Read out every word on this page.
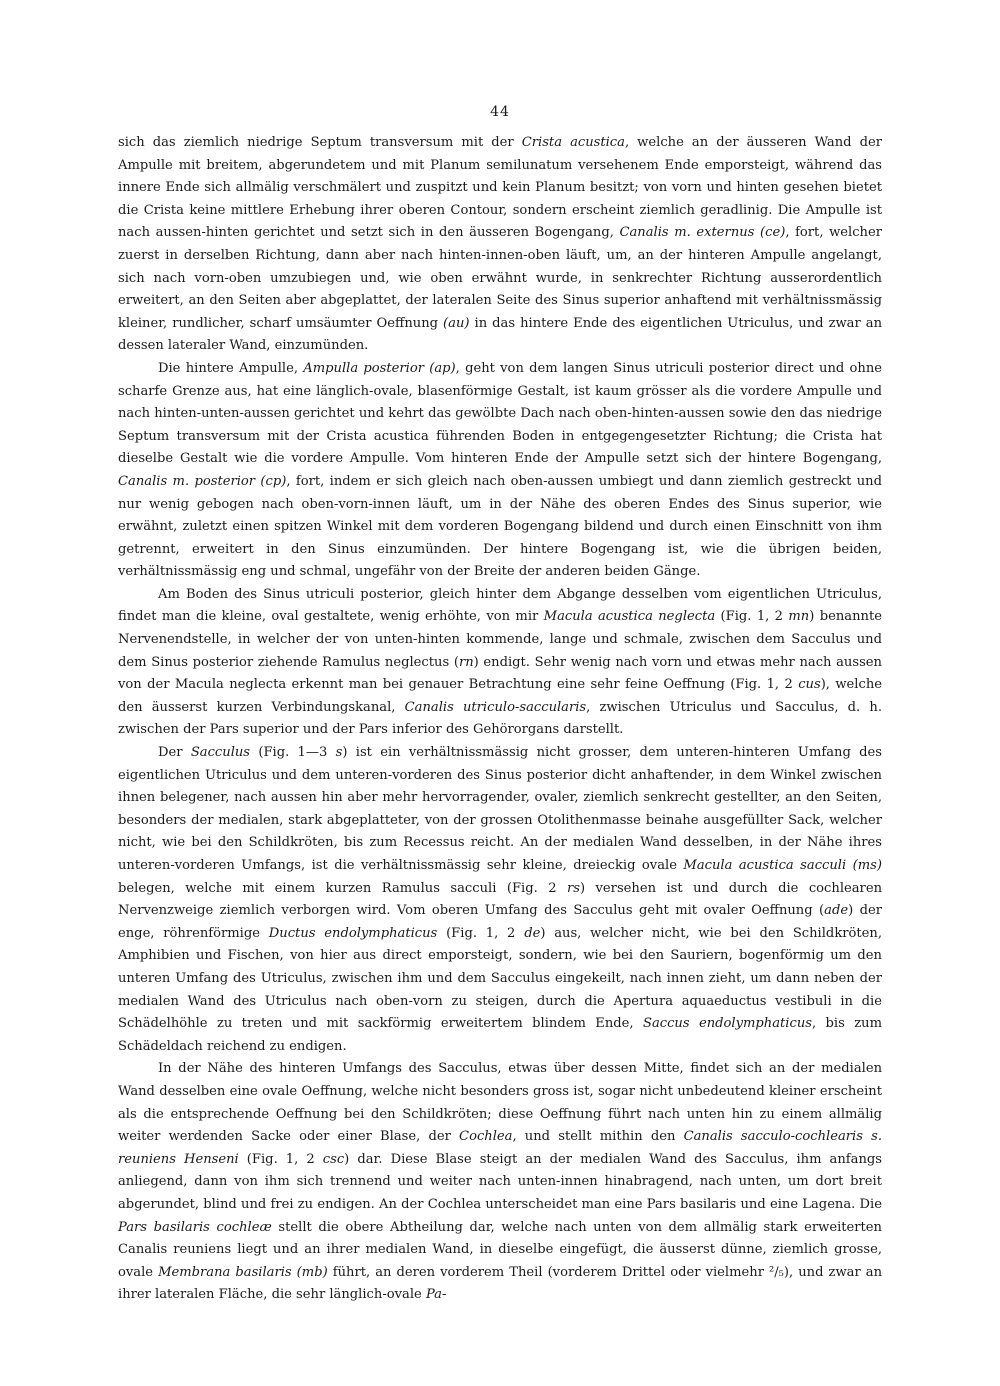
44

sich das ziemlich niedrige Septum transversum mit der Crista acustica, welche an der äusseren Wand der Ampulle mit breitem, abgerundetem und mit Planum semilunatum versehenem Ende emporsteigt, während das innere Ende sich allmälig verschmälert und zuspitzt und kein Planum besitzt; von vorn und hinten gesehen bietet die Crista keine mittlere Erhebung ihrer oberen Contour, sondern erscheint ziemlich geradlinig. Die Ampulle ist nach aussen-hinten gerichtet und setzt sich in den äusseren Bogengang, Canalis m. externus (ce), fort, welcher zuerst in derselben Richtung, dann aber nach hinten-innen-oben läuft, um, an der hinteren Ampulle angelangt, sich nach vorn-oben umzubiegen und, wie oben erwähnt wurde, in senkrechter Richtung ausserordentlich erweitert, an den Seiten aber abgeplattet, der lateralen Seite des Sinus superior anhaftend mit verhältnissmässig kleiner, rundlicher, scharf umsäumter Oeffnung (au) in das hintere Ende des eigentlichen Utriculus, und zwar an dessen lateraler Wand, einzumünden.

Die hintere Ampulle, Ampulla posterior (ap), geht von dem langen Sinus utriculi posterior direct und ohne scharfe Grenze aus, hat eine länglich-ovale, blasenförmige Gestalt, ist kaum grösser als die vordere Ampulle und nach hinten-unten-aussen gerichtet und kehrt das gewölbte Dach nach oben-hinten-aussen sowie den das niedrige Septum transversum mit der Crista acustica führenden Boden in entgegengesetzter Richtung; die Crista hat dieselbe Gestalt wie die vordere Ampulle. Vom hinteren Ende der Ampulle setzt sich der hintere Bogengang, Canalis m. posterior (cp), fort, indem er sich gleich nach oben-aussen umbiegt und dann ziemlich gestreckt und nur wenig gebogen nach oben-vorn-innen läuft, um in der Nähe des oberen Endes des Sinus superior, wie erwähnt, zuletzt einen spitzen Winkel mit dem vorderen Bogengang bildend und durch einen Einschnitt von ihm getrennt, erweitert in den Sinus einzumünden. Der hintere Bogengang ist, wie die übrigen beiden, verhältnissmässig eng und schmal, ungefähr von der Breite der anderen beiden Gänge.

Am Boden des Sinus utriculi posterior, gleich hinter dem Abgange desselben vom eigentlichen Utriculus, findet man die kleine, oval gestaltete, wenig erhöhte, von mir Macula acustica neglecta (Fig. 1, 2 mn) benannte Nervenendstelle, in welcher der von unten-hinten kommende, lange und schmale, zwischen dem Sacculus und dem Sinus posterior ziehende Ramulus neglectus (rn) endigt. Sehr wenig nach vorn und etwas mehr nach aussen von der Macula neglecta erkennt man bei genauer Betrachtung eine sehr feine Oeffnung (Fig. 1, 2 cus), welche den äusserst kurzen Verbindungskanal, Canalis utriculo-saccularis, zwischen Utriculus und Sacculus, d. h. zwischen der Pars superior und der Pars inferior des Gehörorgans darstellt.

Der Sacculus (Fig. 1—3 s) ist ein verhältnissmässig nicht grosser, dem unteren-hinteren Umfang des eigentlichen Utriculus und dem unteren-vorderen des Sinus posterior dicht anhaftender, in dem Winkel zwischen ihnen belegener, nach aussen hin aber mehr hervorragender, ovaler, ziemlich senkrecht gestellter, an den Seiten, besonders der medialen, stark abgeplatteter, von der grossen Otolithenmasse beinahe ausgefüllter Sack, welcher nicht, wie bei den Schildkröten, bis zum Recessus reicht. An der medialen Wand desselben, in der Nähe ihres unteren-vorderen Umfangs, ist die verhältnissmässig sehr kleine, dreieckig ovale Macula acustica sacculi (ms) belegen, welche mit einem kurzen Ramulus sacculi (Fig. 2 rs) versehen ist und durch die cochlearen Nervenzweige ziemlich verborgen wird. Vom oberen Umfang des Sacculus geht mit ovaler Oeffnung (ade) der enge, röhrenförmige Ductus endolymphaticus (Fig. 1, 2 de) aus, welcher nicht, wie bei den Schildkröten, Amphibien und Fischen, von hier aus direct emporsteigt, sondern, wie bei den Sauriern, bogenförmig um den unteren Umfang des Utriculus, zwischen ihm und dem Sacculus eingekeilt, nach innen zieht, um dann neben der medialen Wand des Utriculus nach oben-vorn zu steigen, durch die Apertura aquaeductus vestibuli in die Schädelhöhle zu treten und mit sackförmig erweitertem blindem Ende, Saccus endolymphaticus, bis zum Schädeldach reichend zu endigen.

In der Nähe des hinteren Umfangs des Sacculus, etwas über dessen Mitte, findet sich an der medialen Wand desselben eine ovale Oeffnung, welche nicht besonders gross ist, sogar nicht unbedeutend kleiner erscheint als die entsprechende Oeffnung bei den Schildkröten; diese Oeffnung führt nach unten hin zu einem allmälig weiter werdenden Sacke oder einer Blase, der Cochlea, und stellt mithin den Canalis sacculo-cochlearis s. reuniens Henseni (Fig. 1, 2 csc) dar. Diese Blase steigt an der medialen Wand des Sacculus, ihm anfangs anliegend, dann von ihm sich trennend und weiter nach unten-innen hinabragend, nach unten, um dort breit abgerundet, blind und frei zu endigen. An der Cochlea unterscheidet man eine Pars basilaris und eine Lagena. Die Pars basilaris cochleæ stellt die obere Abtheilung dar, welche nach unten von dem allmälig stark erweiterten Canalis reuniens liegt und an ihrer medialen Wand, in dieselbe eingefügt, die äusserst dünne, ziemlich grosse, ovale Membrana basilaris (mb) führt, an deren vorderem Theil (vorderem Drittel oder vielmehr ²/₅), und zwar an ihrer lateralen Fläche, die sehr länglich-ovale Pa-
